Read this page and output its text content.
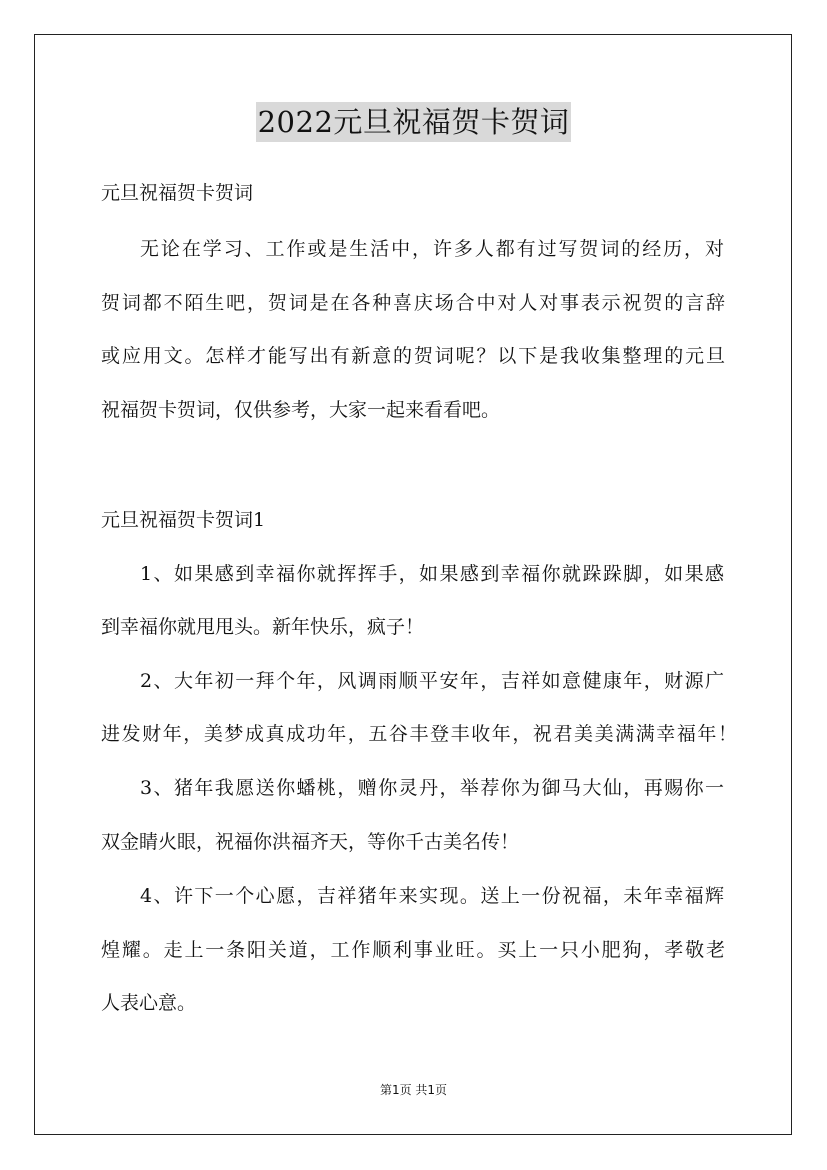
2022元旦祝福贺卡贺词
元旦祝福贺卡贺词
无论在学习、工作或是生活中，许多人都有过写贺词的经历，对
贺词都不陌生吧，贺词是在各种喜庆场合中对人对事表示祝贺的言辞
或应用文。怎样才能写出有新意的贺词呢？以下是我收集整理的元旦
祝福贺卡贺词，仅供参考，大家一起来看看吧。
元旦祝福贺卡贺词1
1、如果感到幸福你就挥挥手，如果感到幸福你就跺跺脚，如果感
到幸福你就甩甩头。新年快乐，疯子！
2、大年初一拜个年，风调雨顺平安年，吉祥如意健康年，财源广
进发财年，美梦成真成功年，五谷丰登丰收年，祝君美美满满幸福年！
3、猪年我愿送你蟠桃，赠你灵丹，举荐你为御马大仙，再赐你一
双金睛火眼，祝福你洪福齐天，等你千古美名传！
4、许下一个心愿，吉祥猪年来实现。送上一份祝福，未年幸福辉
煌耀。走上一条阳关道，工作顺利事业旺。买上一只小肥狗，孝敬老
人表心意。
第1页 共1页
